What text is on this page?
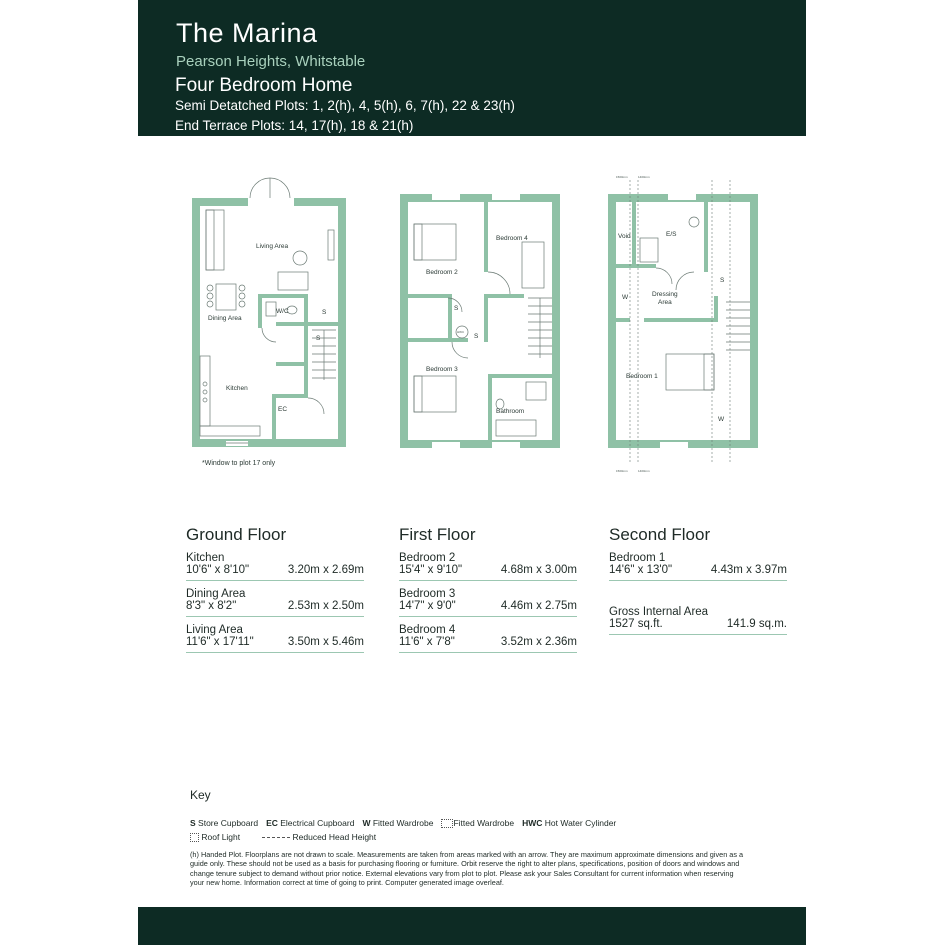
The Marina
Pearson Heights, Whitstable
Four Bedroom Home
Semi Detatched Plots: 1, 2(h), 4, 5(h), 6, 7(h), 22 & 23(h)
End Terrace Plots: 14, 17(h), 18 & 21(h)
Living Area
Dining Area
Kitchen
W/C	S
S
EC
*Window to plot 17 only
Bedroom 2
Bedroom 3
Bedroom 4
Bathroom
S
S
HWC
Void	E/S
S
W
W
Dressing
Area
Bedroom 1
1500mm	1400mm
1500mm	1400mm
Ground Floor
Kitchen
10'6" x 8'10"	3.20m x 2.69m
Dining Area
8'3" x 8'2"	2.53m x 2.50m
Living Area
11'6" x 17'11"	3.50m x 5.46m
First Floor
Bedroom 2
15'4" x 9'10"	4.68m x 3.00m
Bedroom 3
14'7" x 9'0"	4.46m x 2.75m
Bedroom 4
11'6" x 7'8"	3.52m x 2.36m
Second Floor
Bedroom 1
14'6" x 13'0"	4.43m x 3.97m
Gross Internal Area
1527 sq.ft.	141.9 sq.m.
Key
S Store Cupboard EC Electrical Cupboard W Fitted Wardrobe	Fitted Wardrobe HWC Hot Water Cylinder
Roof Light	Reduced Head Height
(h) Handed Plot. Floorplans are not drawn to scale. Measurements are taken from areas marked with an arrow. They are maximum approximate dimensions and given as a guide only. These should not be used as a basis for purchasing flooring or furniture. Orbit reserve the right to alter plans, specifications, position of doors and windows and change tenure subject to demand without prior notice. External elevations vary from plot to plot. Please ask your Sales Consultant for current information when reserving your new home. Information correct at time of going to print. Computer generated image overleaf.
